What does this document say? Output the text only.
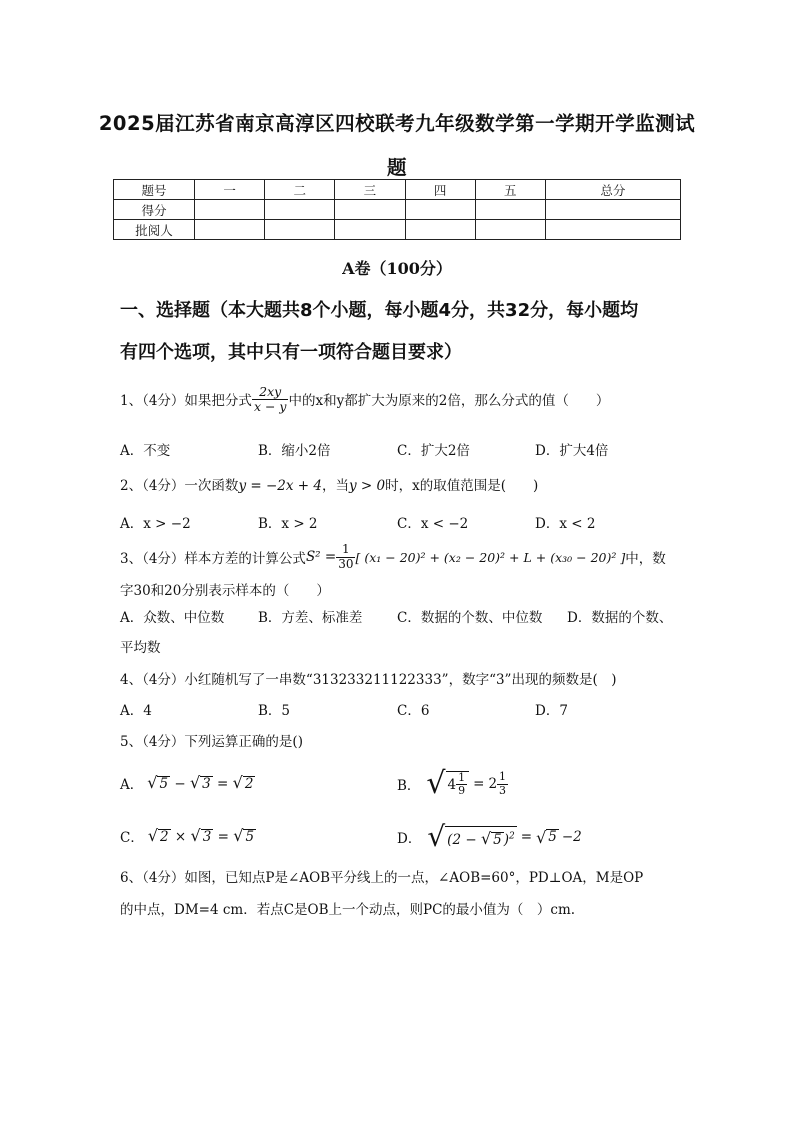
2025届江苏省南京高淳区四校联考九年级数学第一学期开学监测试
题
题号	一	二	三	四	五	总分
得分						
批阅人						
A卷（100分）
一、选择题（本大题共8个小题，每小题4分，共32分，每小题均
有四个选项，其中只有一项符合题目要求）
1、（4分）如果把分式 $\frac{2xy}{x - y}$ 中的x和y都扩大为原来的2倍，那么分式的值（　　）
A．不变	B．缩小2倍	C．扩大2倍	D．扩大4倍
2、（4分）一次函数y = −2x + 4，当y > 0时，x的取值范围是(　　)
A．x > −2	B．x > 2	C．x < −2	D．x < 2
3、（4分）样本方差的计算公式 $S^2 = \frac{1}{30}$ [ (x₁ − 20)² + (x₂ − 20)² + L + (x₃₀ − 20)² ] 中，数
字30和20分别表示样本的（　　）
A．众数、中位数	B．方差、标准差	C．数据的个数、中位数 D．数据的个数、
平均数
4、（4分）小红随机写了一串数“313233211122333”，数字“3”出现的频数是(　)
A．4	B．5	C．6	D．7
5、（4分）下列运算正确的是()
A． √ 5 − √ 3 = √ 2	B． √ $4 \frac{1}{9} = 2 \frac{1}{3}$
C． √ 2 × √ 3 = √ 5	D． √ (2 − √ 5 )$^2$ = √ 5 − 2
6、（4分）如图，已知点P是∠AOB平分线上的一点，∠AOB=60°，PD⊥OA，M是OP
的中点，DM=4 cm．若点C是OB上一个动点，则PC的最小值为（　）cm.
